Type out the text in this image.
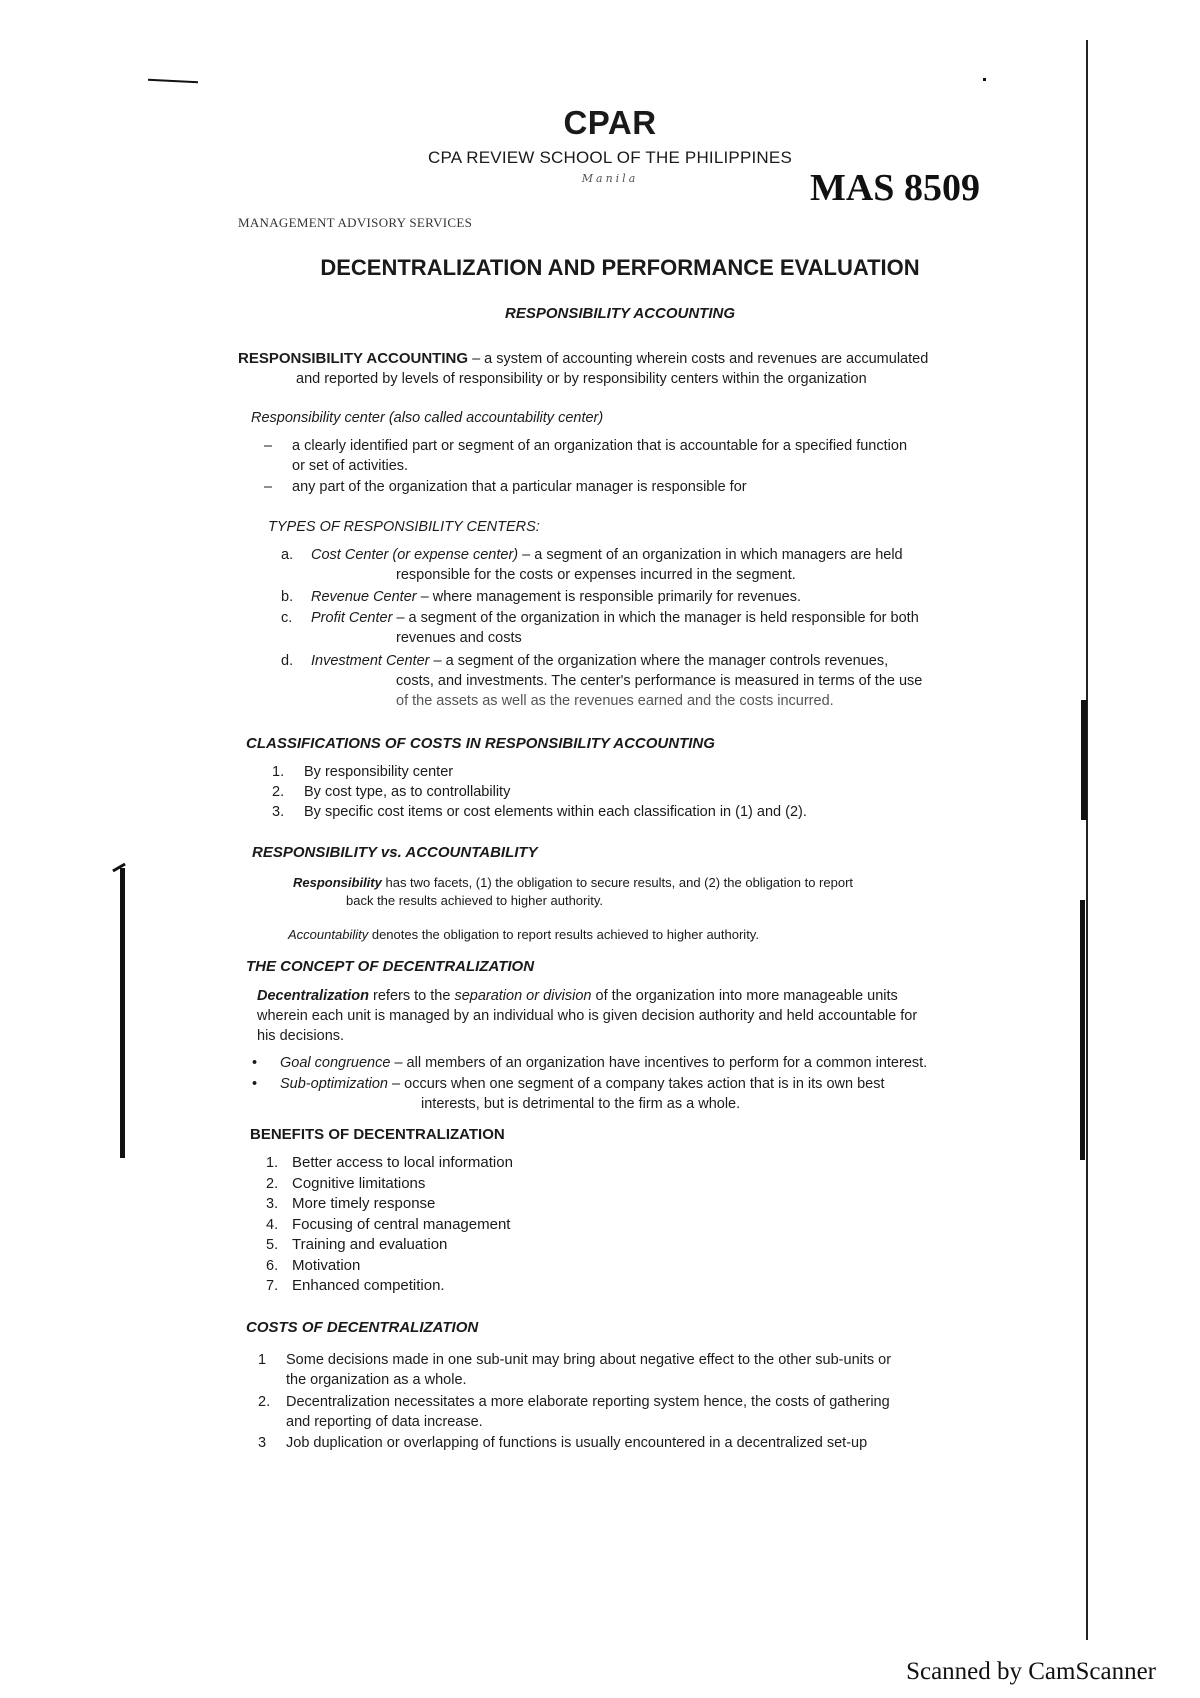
CPAR
CPA REVIEW SCHOOL OF THE PHILIPPINES
Manila	MAS 8509
MANAGEMENT ADVISORY SERVICES
DECENTRALIZATION AND PERFORMANCE EVALUATION
RESPONSIBILITY ACCOUNTING
RESPONSIBILITY ACCOUNTING – a system of accounting wherein costs and revenues are accumulated
and reported by levels of responsibility or by responsibility centers within the organization
Responsibility center (also called accountability center)
– a clearly identified part or segment of an organization that is accountable for a specified function
or set of activities.
– any part of the organization that a particular manager is responsible for
TYPES OF RESPONSIBILITY CENTERS:
a. Cost Center (or expense center) – a segment of an organization in which managers are held
responsible for the costs or expenses incurred in the segment.
b. Revenue Center – where management is responsible primarily for revenues.
c. Profit Center – a segment of the organization in which the manager is held responsible for both
revenues and costs
d. Investment Center – a segment of the organization where the manager controls revenues,
costs, and investments. The center's performance is measured in terms of the use
of the assets as well as the revenues earned and the costs incurred.
CLASSIFICATIONS OF COSTS IN RESPONSIBILITY ACCOUNTING
1. By responsibility center
2. By cost type, as to controllability
3. By specific cost items or cost elements within each classification in (1) and (2).
RESPONSIBILITY vs. ACCOUNTABILITY
Responsibility has two facets, (1) the obligation to secure results, and (2) the obligation to report
back the results achieved to higher authority.
Accountability denotes the obligation to report results achieved to higher authority.
THE CONCEPT OF DECENTRALIZATION
Decentralization refers to the separation or division of the organization into more manageable units
wherein each unit is managed by an individual who is given decision authority and held accountable for
his decisions.
• Goal congruence – all members of an organization have incentives to perform for a common interest.
• Sub-optimization – occurs when one segment of a company takes action that is in its own best
interests, but is detrimental to the firm as a whole.
BENEFITS OF DECENTRALIZATION
1. Better access to local information
2. Cognitive limitations
3. More timely response
4. Focusing of central management
5. Training and evaluation
6. Motivation
7. Enhanced competition.
COSTS OF DECENTRALIZATION
1 Some decisions made in one sub-unit may bring about negative effect to the other sub-units or
the organization as a whole.
2. Decentralization necessitates a more elaborate reporting system hence, the costs of gathering
and reporting of data increase.
3 Job duplication or overlapping of functions is usually encountered in a decentralized set-up
Scanned by CamScanner
